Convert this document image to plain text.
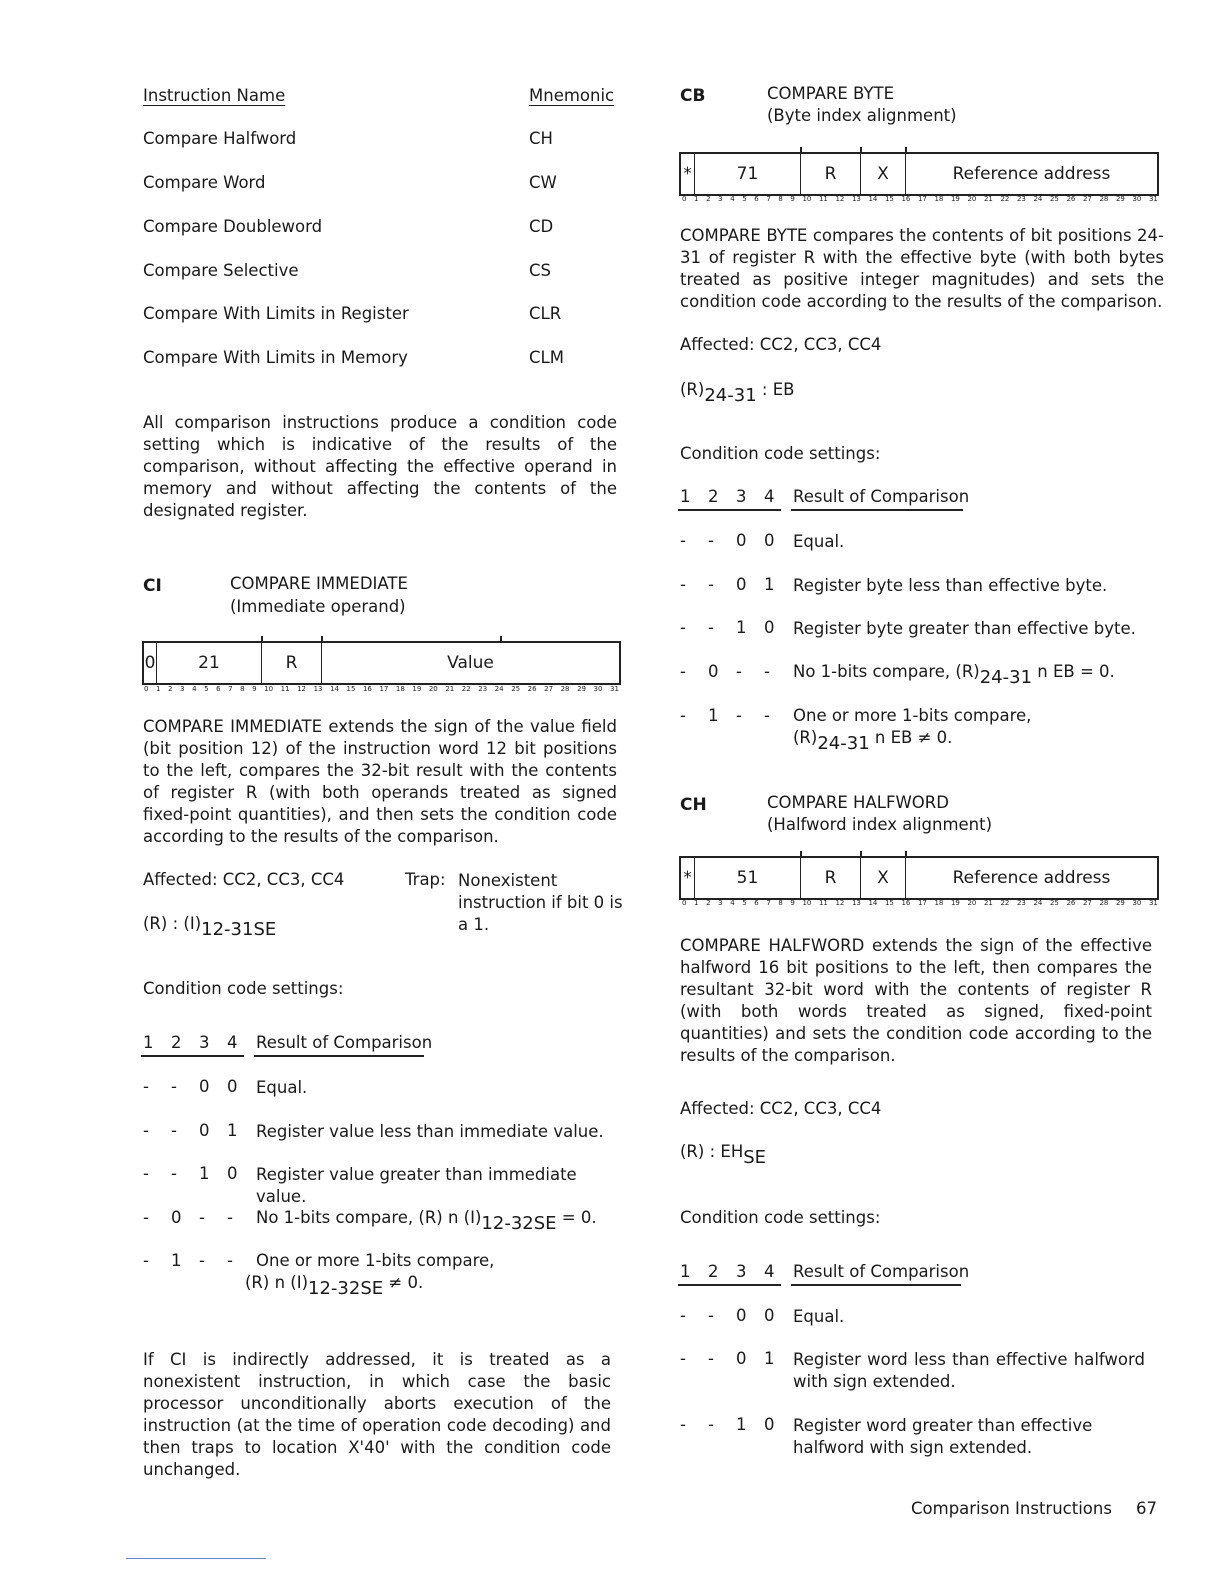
Instruction Name	Mnemonic
Compare Halfword	CH
Compare Word	CW
Compare Doubleword	CD
Compare Selective	CS
Compare With Limits in Register	CLR
Compare With Limits in Memory	CLM
All comparison instructions produce a condition code setting which is indicative of the results of the comparison, without affecting the effective operand in memory and without affecting the contents of the designated register.
CI	COMPARE IMMEDIATE
(Immediate operand)
0	21	R	Value
0 1 2 3 4 5 6 7 8 9 10 11 12 13 14 15 16 17 18 19 20 21 22 23 24 25 26 27 28 29 30 31
COMPARE IMMEDIATE extends the sign of the value field (bit position 12) of the instruction word 12 bit positions to the left, compares the 32-bit result with the contents of register R (with both operands treated as signed fixed-point quantities), and then sets the condition code according to the results of the comparison.
Affected: CC2, CC3, CC4	Trap: Nonexistent instruction if bit 0 is a 1.
(R) : (I)12-31SE
Condition code settings:
1 2 3 4	Result of Comparison
- - 0 0	Equal.
- - 0 1	Register value less than immediate value.
- - 1 0	Register value greater than immediate value.
- 0 - -	No 1-bits compare, (R) n (I)12-32SE = 0.
- 1 - -	One or more 1-bits compare,
(R) n (I)12-32SE ≠ 0.
If CI is indirectly addressed, it is treated as a nonexistent instruction, in which case the basic processor unconditionally aborts execution of the instruction (at the time of operation code decoding) and then traps to location X'40' with the condition code unchanged.
CB	COMPARE BYTE
(Byte index alignment)
*	71	R	X	Reference address
0 1 2 3 4 5 6 7 8 9 10 11 12 13 14 15 16 17 18 19 20 21 22 23 24 25 26 27 28 29 30 31
COMPARE BYTE compares the contents of bit positions 24-31 of register R with the effective byte (with both bytes treated as positive integer magnitudes) and sets the condition code according to the results of the comparison.
Affected: CC2, CC3, CC4
(R)24-31 : EB
Condition code settings:
1 2 3 4	Result of Comparison
- - 0 0	Equal.
- - 0 1	Register byte less than effective byte.
- - 1 0	Register byte greater than effective byte.
- 0 - -	No 1-bits compare, (R)24-31 n EB = 0.
- 1 - -	One or more 1-bits compare,
(R)24-31 n EB ≠ 0.
CH	COMPARE HALFWORD
(Halfword index alignment)
*	51	R	X	Reference address
0 1 2 3 4 5 6 7 8 9 10 11 12 13 14 15 16 17 18 19 20 21 22 23 24 25 26 27 28 29 30 31
COMPARE HALFWORD extends the sign of the effective halfword 16 bit positions to the left, then compares the resultant 32-bit word with the contents of register R (with both words treated as signed, fixed-point quantities) and sets the condition code according to the results of the comparison.
Affected: CC2, CC3, CC4
(R) : EHSE
Condition code settings:
1 2 3 4	Result of Comparison
- - 0 0	Equal.
- - 0 1	Register word less than effective halfword with sign extended.
- - 1 0	Register word greater than effective halfword with sign extended.
Comparison Instructions 67
